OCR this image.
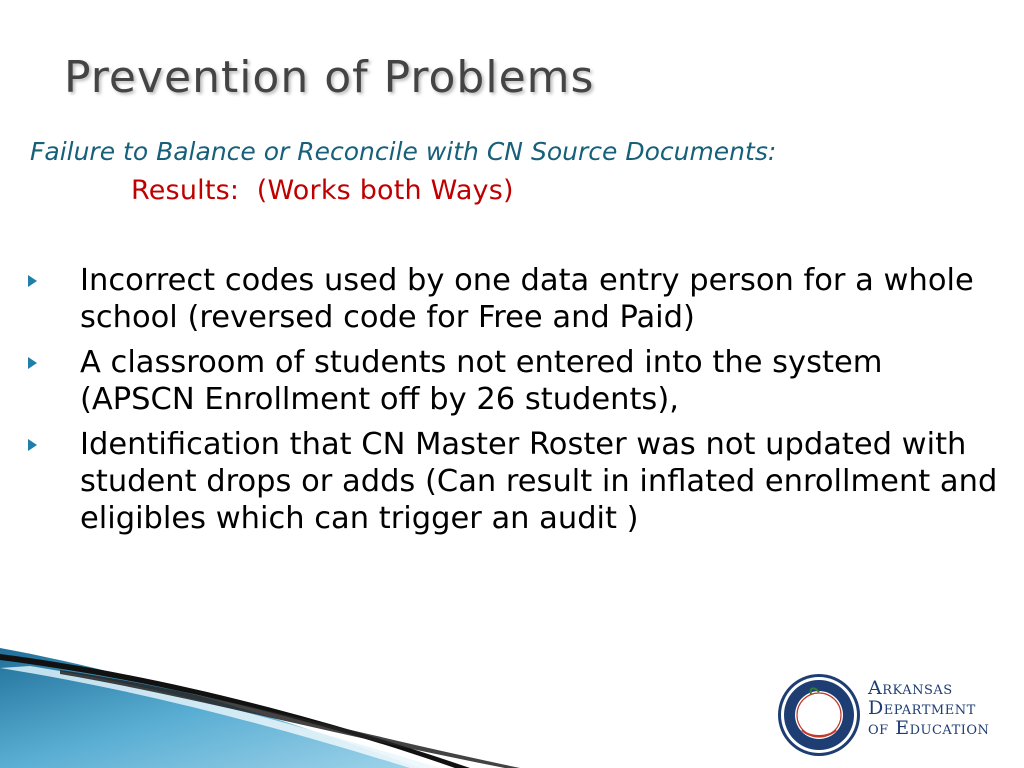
Prevention of Problems
Failure to Balance or Reconcile with CN Source Documents:
Results:  (Works both Ways)
Incorrect codes used by one data entry person for a whole school (reversed code for Free and Paid)
A classroom of students not entered into the system (APSCN Enrollment off by 26 students),
Identification that CN Master Roster was not updated with student drops or adds (Can result in inflated enrollment and eligibles which can trigger an audit )
Arkansas
Department
of Education
